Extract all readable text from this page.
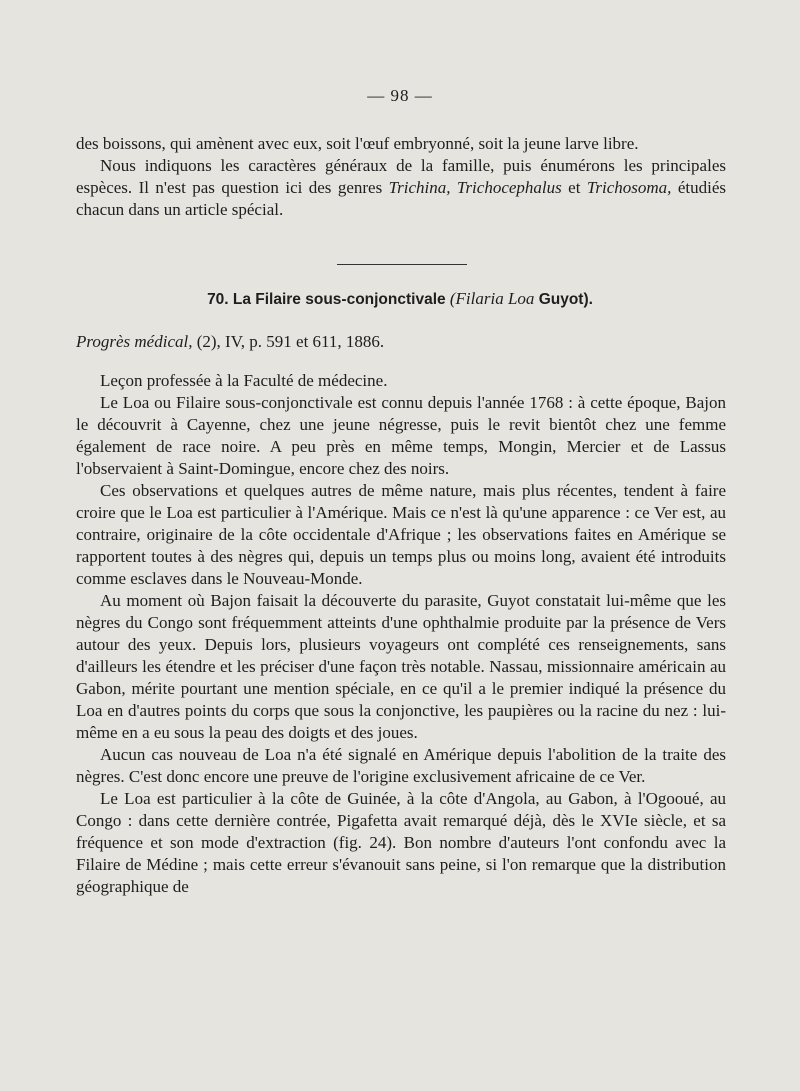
— 98 —

des boissons, qui amènent avec eux, soit l'œuf embryonné, soit la jeune larve libre.

Nous indiquons les caractères généraux de la famille, puis énumérons les principales espèces. Il n'est pas question ici des genres Trichina, Trichocephalus et Trichosoma, étudiés chacun dans un article spécial.

70. La Filaire sous-conjonctivale (Filaria Loa Guyot).
Progrès médical, (2), IV, p. 591 et 611, 1886.

Leçon professée à la Faculté de médecine.

Le Loa ou Filaire sous-conjonctivale est connu depuis l'année 1768 : à cette époque, Bajon le découvrit à Cayenne, chez une jeune négresse, puis le revit bientôt chez une femme également de race noire. A peu près en même temps, Mongin, Mercier et de Lassus l'observaient à Saint-Domingue, encore chez des noirs.

Ces observations et quelques autres de même nature, mais plus récentes, tendent à faire croire que le Loa est particulier à l'Amérique. Mais ce n'est là qu'une apparence : ce Ver est, au contraire, originaire de la côte occidentale d'Afrique ; les observations faites en Amérique se rapportent toutes à des nègres qui, depuis un temps plus ou moins long, avaient été introduits comme esclaves dans le Nouveau-Monde.

Au moment où Bajon faisait la découverte du parasite, Guyot constatait lui-même que les nègres du Congo sont fréquemment atteints d'une ophthalmie produite par la présence de Vers autour des yeux. Depuis lors, plusieurs voyageurs ont complété ces renseignements, sans d'ailleurs les étendre et les préciser d'une façon très notable. Nassau, missionnaire américain au Gabon, mérite pourtant une mention spéciale, en ce qu'il a le premier indiqué la présence du Loa en d'autres points du corps que sous la conjonctive, les paupières ou la racine du nez : lui-même en a eu sous la peau des doigts et des joues.

Aucun cas nouveau de Loa n'a été signalé en Amérique depuis l'abolition de la traite des nègres. C'est donc encore une preuve de l'origine exclusivement africaine de ce Ver.

Le Loa est particulier à la côte de Guinée, à la côte d'Angola, au Gabon, à l'Ogooué, au Congo : dans cette dernière contrée, Pigafetta avait remarqué déjà, dès le XVIe siècle, et sa fréquence et son mode d'extraction (fig. 24). Bon nombre d'auteurs l'ont confondu avec la Filaire de Médine ; mais cette erreur s'évanouit sans peine, si l'on remarque que la distribution géographique de
